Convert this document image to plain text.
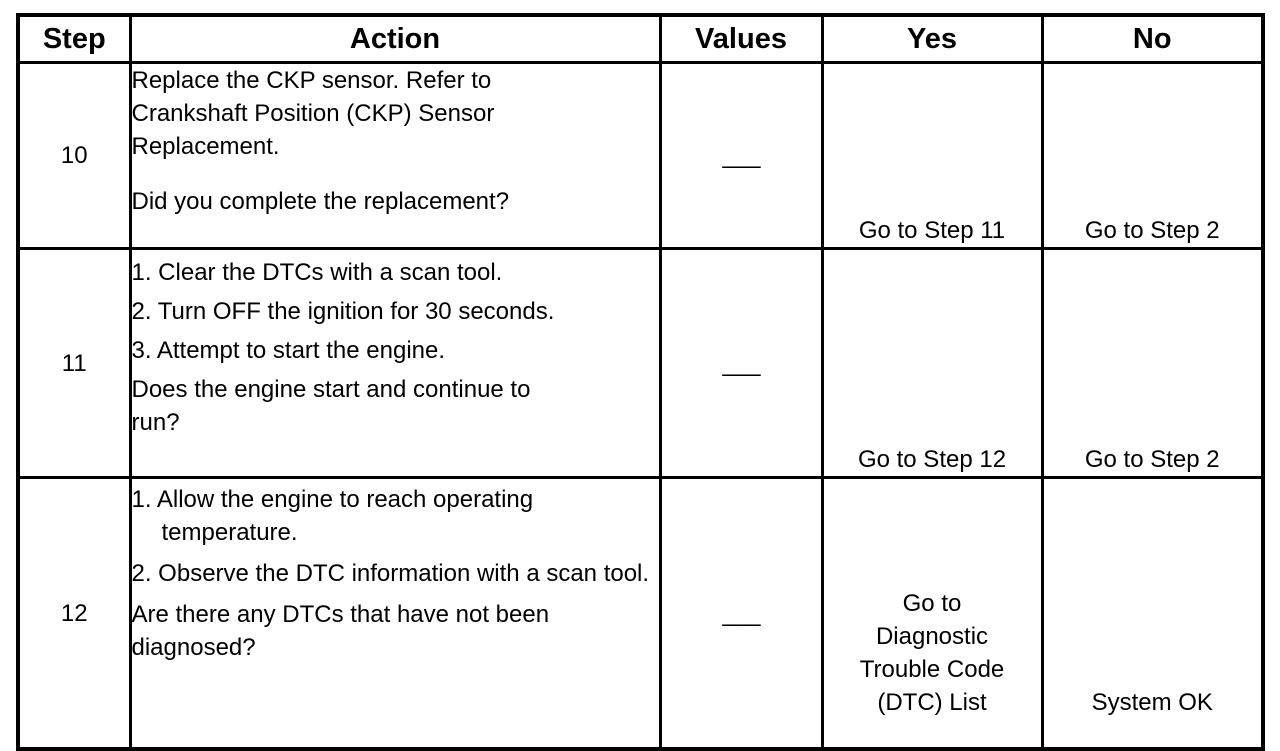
Step	Action	Values	Yes	No
10	Replace the CKP sensor. Refer to
Crankshaft Position (CKP) Sensor
Replacement.
Did you complete the replacement?	___	Go to Step 11	Go to Step 2
11	1. Clear the DTCs with a scan tool.
2. Turn OFF the ignition for 30 seconds.
3. Attempt to start the engine.
Does the engine start and continue to
run?	___	Go to Step 12	Go to Step 2
12	1. Allow the engine to reach operating temperature.
2. Observe the DTC information with a scan tool.
Are there any DTCs that have not been
diagnosed?	___	Go to
Diagnostic
Trouble Code
(DTC) List	System OK
